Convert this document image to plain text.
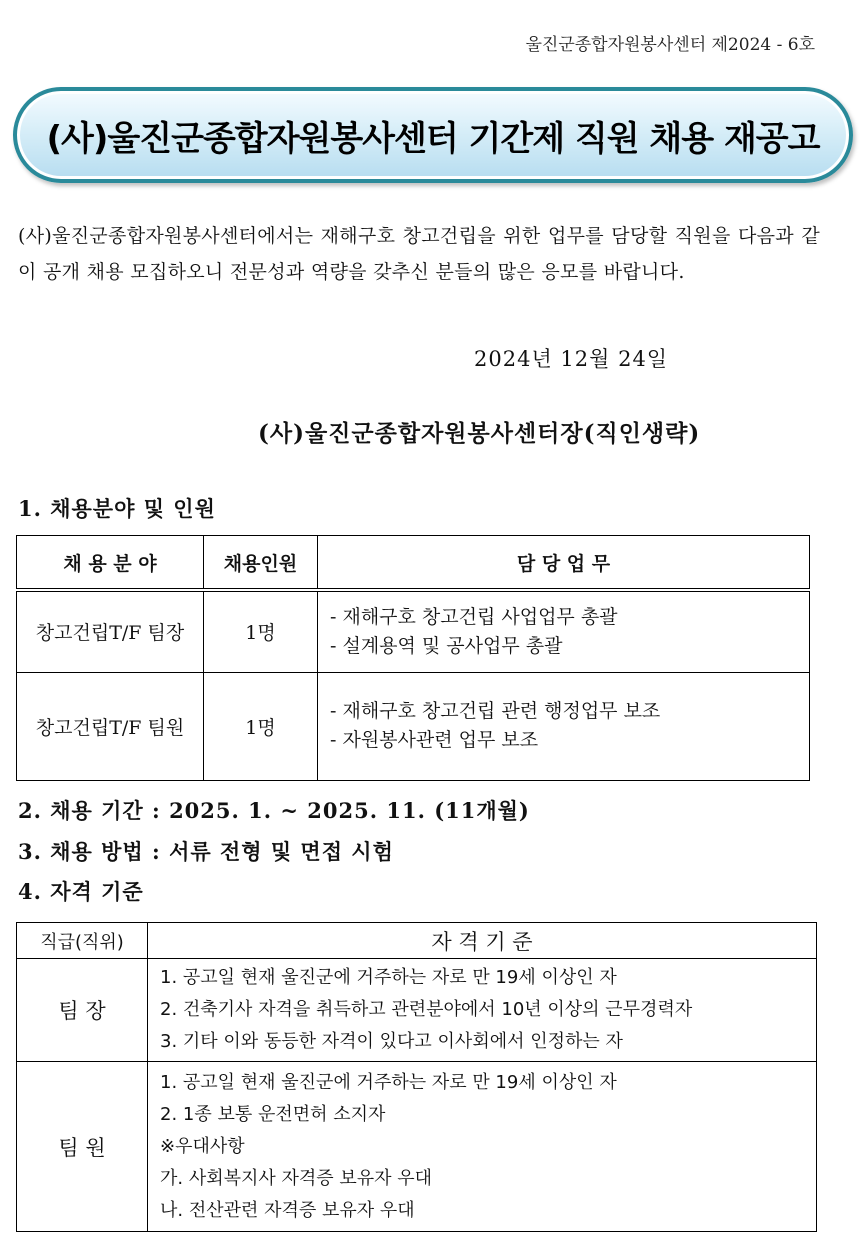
울진군종합자원봉사센터 제2024 - 6호
(사)울진군종합자원봉사센터 기간제 직원 채용 재공고
(사)울진군종합자원봉사센터에서는 재해구호 창고건립을 위한 업무를 담당할 직원을 다음과 같이 공개 채용 모집하오니 전문성과 역량을 갖추신 분들의 많은 응모를 바랍니다.
2024년 12월 24일
(사)울진군종합자원봉사센터장(직인생략)
1. 채용분야 및 인원
채 용 분 야	채용인원	담 당 업 무
창고건립T/F 팀장	1명	- 재해구호 창고건립 사업업무 총괄
- 설계용역 및 공사업무 총괄

창고건립T/F 팀원	1명	- 재해구호 창고건립 관련 행정업무 보조
- 자원봉사관련 업무 보조
2. 채용 기간 : 2025. 1. ~ 2025. 11. (11개월)
3. 채용 방법 : 서류 전형 및 면접 시험
4. 자격 기준
직급(직위)	자 격 기 준
팀 장	1. 공고일 현재 울진군에 거주하는 자로 만 19세 이상인 자
2. 건축기사 자격을 취득하고 관련분야에서 10년 이상의 근무경력자
3. 기타 이와 동등한 자격이 있다고 이사회에서 인정하는 자

팀 원	1. 공고일 현재 울진군에 거주하는 자로 만 19세 이상인 자
2. 1종 보통 운전면허 소지자
※우대사항
가. 사회복지사 자격증 보유자 우대
나. 전산관련 자격증 보유자 우대
